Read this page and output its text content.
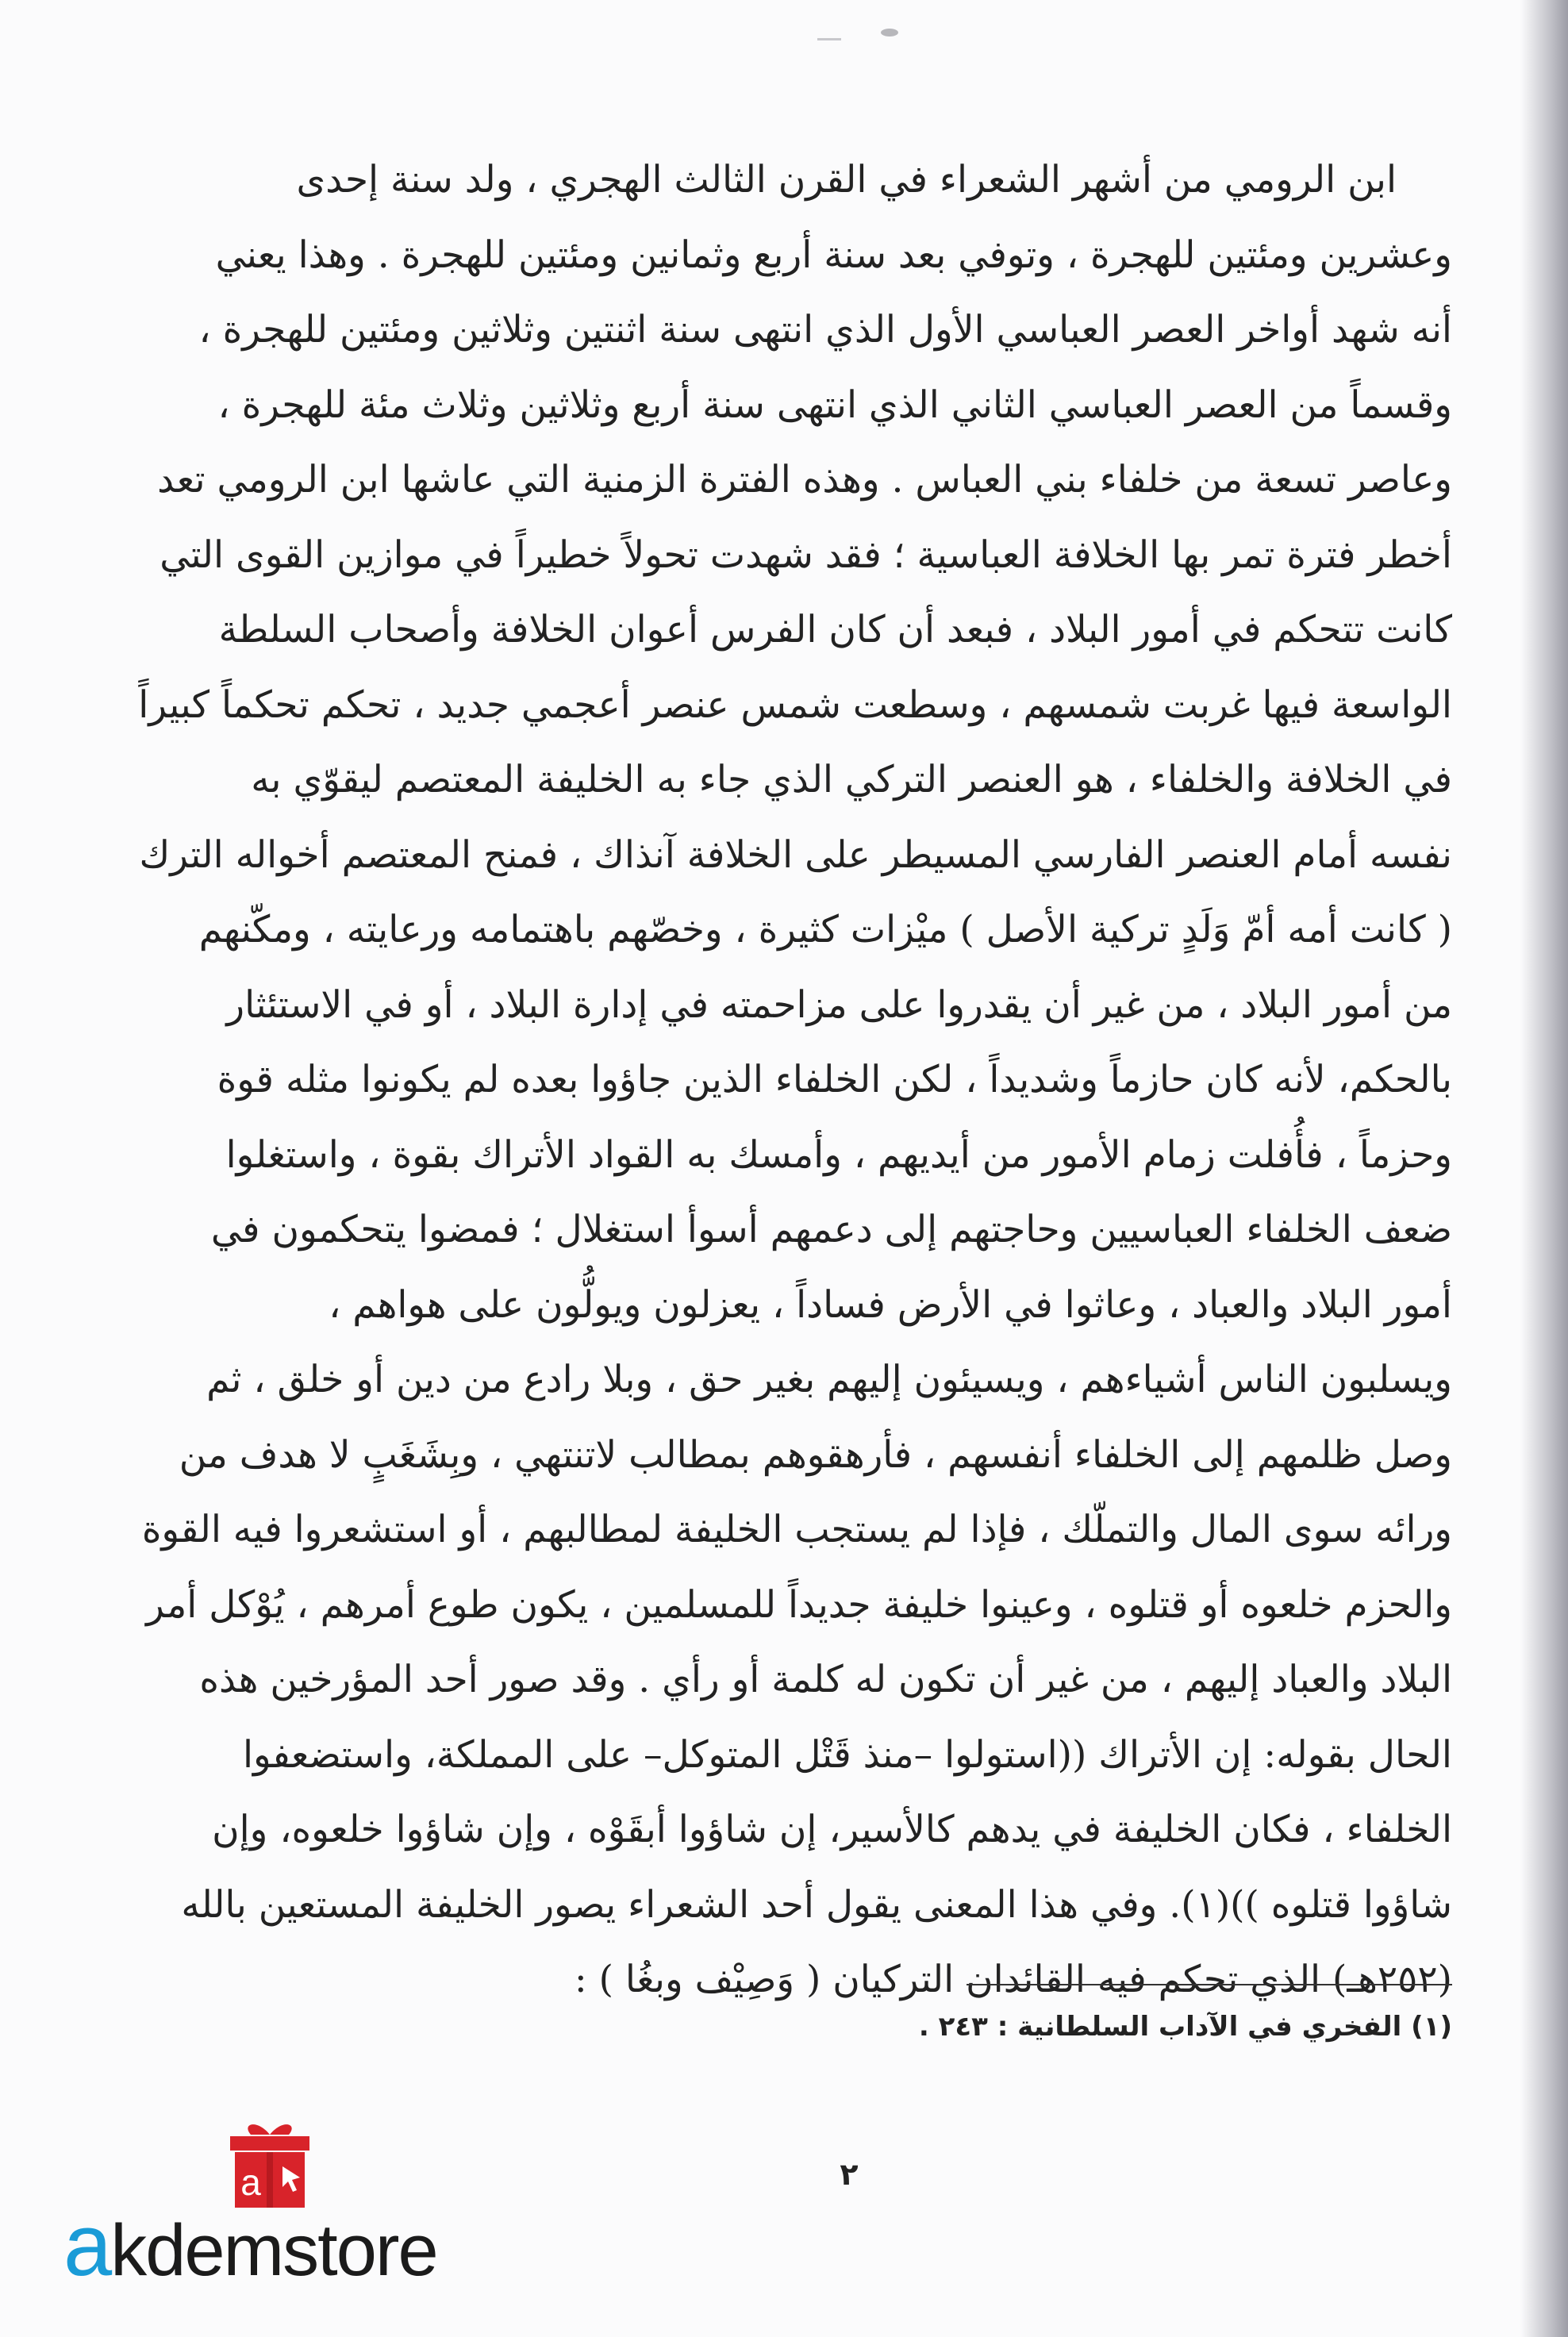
ابن الرومي من أشهر الشعراء في القرن الثالث الهجري ، ولد سنة إحدى
وعشرين ومئتين للهجرة ، وتوفي بعد سنة أربع وثمانين ومئتين للهجرة . وهذا يعني
أنه شهد أواخر العصر العباسي الأول الذي انتهى سنة اثنتين وثلاثين ومئتين للهجرة ،
وقسماً من العصر العباسي الثاني الذي انتهى سنة أربع وثلاثين وثلاث مئة للهجرة ،
وعاصر تسعة من خلفاء بني العباس . وهذه الفترة الزمنية التي عاشها ابن الرومي تعد
أخطر فترة تمر بها الخلافة العباسية ؛ فقد شهدت تحولاً خطيراً في موازين القوى التي
كانت تتحكم في أمور البلاد ، فبعد أن كان الفرس أعوان الخلافة وأصحاب السلطة
الواسعة فيها غربت شمسهم ، وسطعت شمس عنصر أعجمي جديد ، تحكم تحكماً كبيراً
في الخلافة والخلفاء ، هو العنصر التركي الذي جاء به الخليفة المعتصم ليقوّي به
نفسه أمام العنصر الفارسي المسيطر على الخلافة آنذاك ، فمنح المعتصم أخواله الترك
( كانت أمه أمّ وَلَدٍ تركية الأصل ) ميْزات كثيرة ، وخصّهم باهتمامه ورعايته ، ومكّنهم
من أمور البلاد ، من غير أن يقدروا على مزاحمته في إدارة البلاد ، أو في الاستئثار
بالحكم، لأنه كان حازماً وشديداً ، لكن الخلفاء الذين جاؤوا بعده لم يكونوا مثله قوة
وحزماً ، فأُفلت زمام الأمور من أيديهم ، وأمسك به القواد الأتراك بقوة ، واستغلوا
ضعف الخلفاء العباسيين وحاجتهم إلى دعمهم أسوأ استغلال ؛ فمضوا يتحكمون في
أمور البلاد والعباد ، وعاثوا في الأرض فساداً ، يعزلون ويولُّون على هواهم ،
ويسلبون الناس أشياءهم ، ويسيئون إليهم بغير حق ، وبلا رادع من دين أو خلق ، ثم
وصل ظلمهم إلى الخلفاء أنفسهم ، فأرهقوهم بمطالب لاتنتهي ، وبِشَغَبٍ لا هدف من
ورائه سوى المال والتملّك ، فإذا لم يستجب الخليفة لمطالبهم ، أو استشعروا فيه القوة
والحزم خلعوه أو قتلوه ، وعينوا خليفة جديداً للمسلمين ، يكون طوع أمرهم ، يُوْكل أمر
البلاد والعباد إليهم ، من غير أن تكون له كلمة أو رأي . وقد صور أحد المؤرخين هذه
الحال بقوله: إن الأتراك ((استولوا –منذ قَتْل المتوكل– على المملكة، واستضعفوا
الخلفاء ، فكان الخليفة في يدهم كالأسير، إن شاؤوا أبقَوْه ، وإن شاؤوا خلعوه، وإن
شاؤوا قتلوه ))(١). وفي هذا المعنى يقول أحد الشعراء يصور الخليفة المستعين بالله
(٢٥٢هـ) الذي تحكم فيه القائدان التركيان ( وَصِيْف وبغُا ) :
(١) الفخري في الآداب السلطانية : ٢٤٣ .
٢
a
akdemstore
